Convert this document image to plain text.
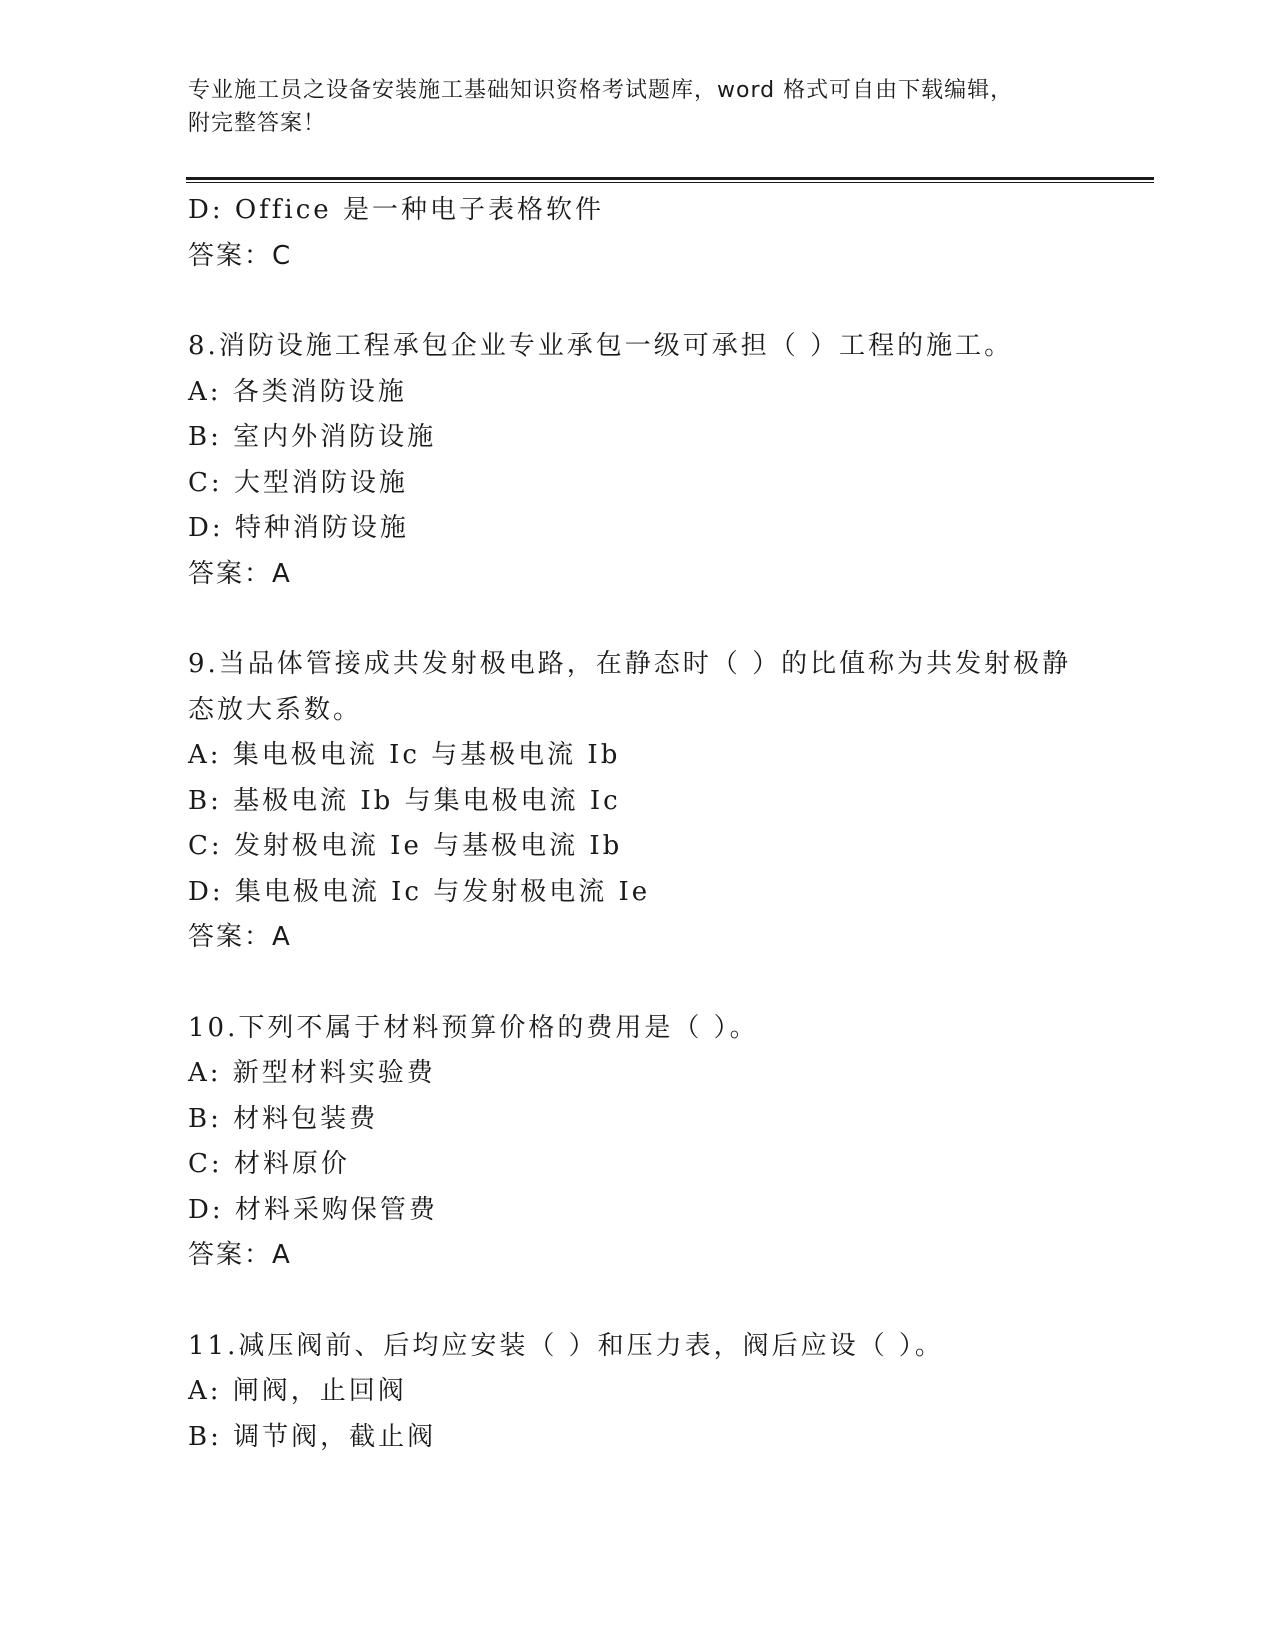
专业施工员之设备安装施工基础知识资格考试题库，word 格式可自由下载编辑，
附完整答案！
D: Office 是一种电子表格软件
答案：C
8.消防设施工程承包企业专业承包一级可承担（ ）工程的施工。
A: 各类消防设施
B: 室内外消防设施
C: 大型消防设施
D: 特种消防设施
答案：A
9.当品体管接成共发射极电路，在静态时（ ）的比值称为共发射极静
态放大系数。
A: 集电极电流 Ic 与基极电流 Ib
B: 基极电流 Ib 与集电极电流 Ic
C: 发射极电流 Ie 与基极电流 Ib
D: 集电极电流 Ic 与发射极电流 Ie
答案：A
10.下列不属于材料预算价格的费用是（ ）。
A: 新型材料实验费
B: 材料包装费
C: 材料原价
D: 材料采购保管费
答案：A
11.减压阀前、后均应安装（ ）和压力表，阀后应设（ ）。
A: 闸阀，止回阀
B: 调节阀，截止阀
